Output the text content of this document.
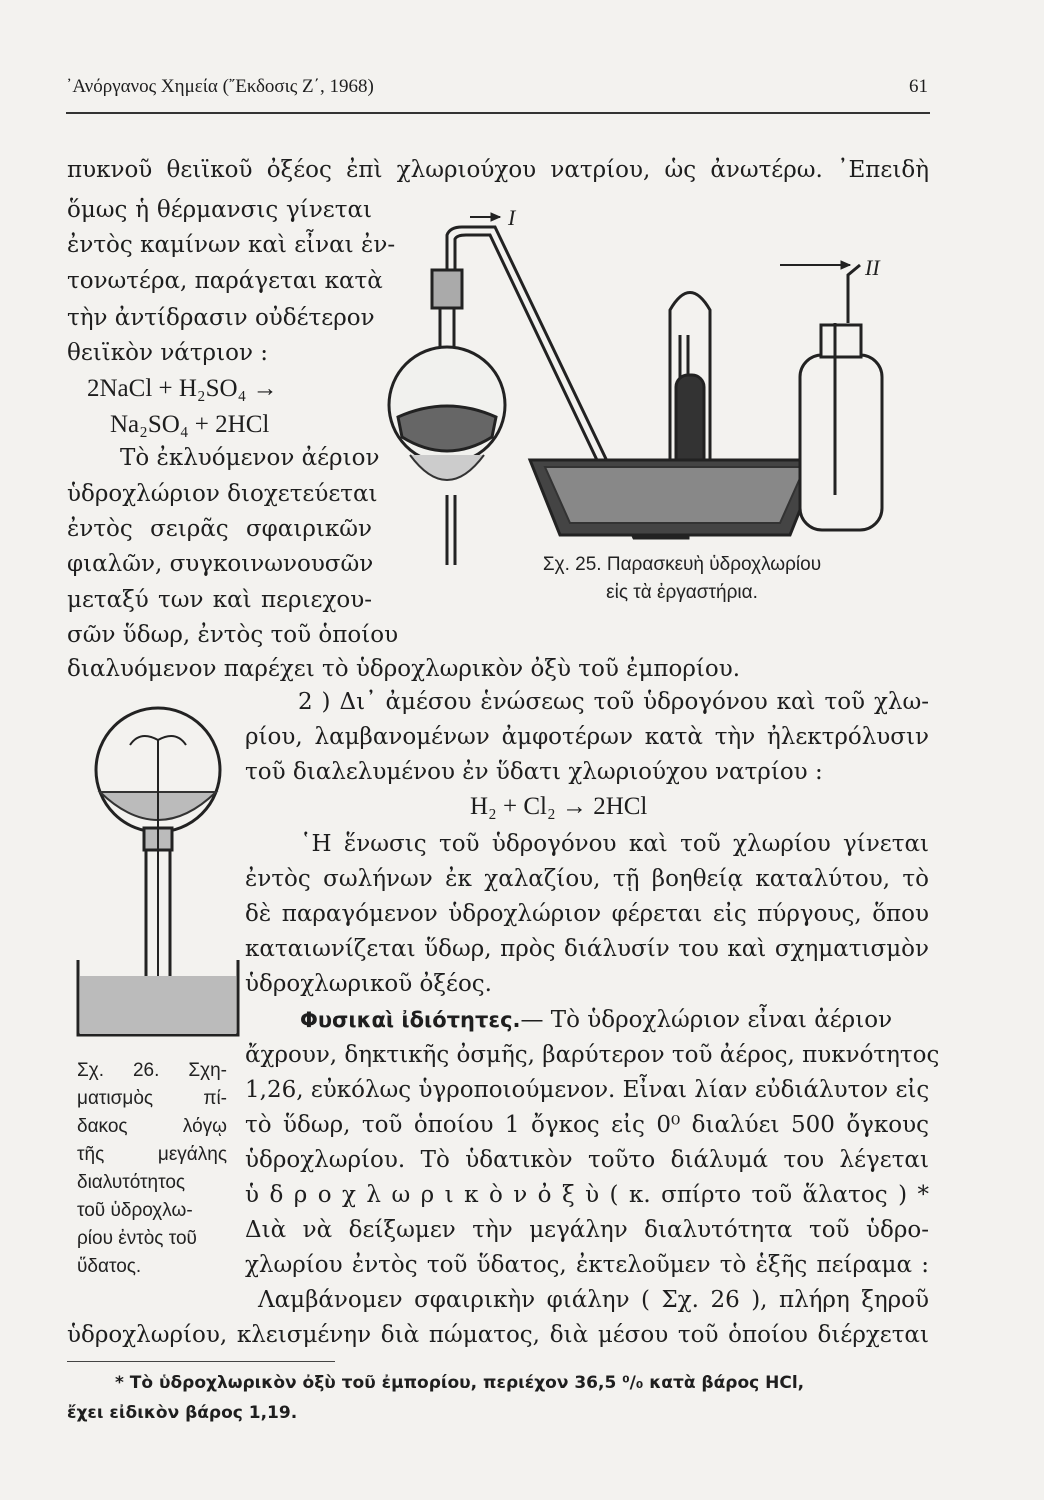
᾿Ανόργανος Χημεία (῎Εκδοσις Ζ΄, 1968)	61
πυκνοῦ θειϊκοῦ ὀξέος ἐπὶ χλωριούχου νατρίου, ὡς ἀνωτέρω. ᾿Επειδὴ
ὅμως ἡ θέρμανσις γίνεται
ἐντὸς καμίνων καὶ εἶναι ἐν-
τονωτέρα, παράγεται κατὰ
τὴν ἀντίδρασιν οὐδέτερον
θειϊκὸν νάτριον :
2NaCl + H₂SO₄ →
Na₂SO₄ + 2HCl
Τὸ ἐκλυόμενον ἀέριον
ὑδροχλώριον διοχετεύεται
ἐντὸς σειρᾶς σφαιρικῶν
φιαλῶν, συγκοινωνουσῶν
μεταξύ των καὶ περιεχου-
σῶν ὕδωρ, ἐντὸς τοῦ ὁποίου
διαλυόμενον παρέχει τὸ ὑδροχλωρικὸν ὀξὺ τοῦ ἐμπορίου.
2 ) Δι᾿ ἀμέσου ἑνώσεως τοῦ ὑδρογόνου καὶ τοῦ χλω-
ρίου, λαμβανομένων ἀμφοτέρων κατὰ τὴν ἠλεκτρόλυσιν
τοῦ διαλελυμένου ἐν ὕδατι χλωριούχου νατρίου :
H₂ + Cl₂ → 2HCl
῾Η ἕνωσις τοῦ ὑδρογόνου καὶ τοῦ χλωρίου γίνεται
ἐντὸς σωλήνων ἐκ χαλαζίου, τῇ βοηθείᾳ καταλύτου, τὸ
δὲ παραγόμενον ὑδροχλώριον φέρεται εἰς πύργους, ὅπου
καταιωνίζεται ὕδωρ, πρὸς διάλυσίν του καὶ σχηματισμὸν
ὑδροχλωρικοῦ ὀξέος.
Φυσικαὶ ἰδιότητες.— Τὸ ὑδροχλώριον εἶναι ἀέριον
ἄχρουν, δηκτικῆς ὀσμῆς, βαρύτερον τοῦ ἀέρος, πυκνότητος
1,26, εὐκόλως ὑγροποιούμενον. Εἶναι λίαν εὐδιάλυτον εἰς
τὸ ὕδωρ, τοῦ ὁποίου 1 ὄγκος εἰς 0⁰ διαλύει 500 ὄγκους
ὑδροχλωρίου. Τὸ ὑδατικὸν τοῦτο διάλυμά του λέγεται
ὑ δ ρ ο χ λ ω ρ ι κ ὸ ν ὀ ξ ὺ ( κ. σπίρτο τοῦ ἅλατος ) *
Διὰ νὰ δείξωμεν τὴν μεγάλην διαλυτότητα τοῦ ὑδρο-
χλωρίου ἐντὸς τοῦ ὕδατος, ἐκτελοῦμεν τὸ ἑξῆς πείραμα :
Λαμβάνομεν σφαιρικὴν φιάλην ( Σχ. 26 ), πλήρη ξηροῦ
ὑδροχλωρίου, κλεισμένην διὰ πώματος, διὰ μέσου τοῦ ὁποίου διέρχεται
I
II
Σχ. 25. Παρασκευὴ ὑδροχλωρίου
εἰς τὰ ἐργαστήρια.
Σχ. 26. Σχη-
ματισμὸς πί-
δακος λόγῳ
τῆς μεγάλης
διαλυτότητος
τοῦ ὑδροχλω-
ρίου ἐντὸς τοῦ
ὕδατος.
* Τὸ ὑδροχλωρικὸν ὀξὺ τοῦ ἐμπορίου, περιέχον 36,5 ⁰/₀ κατὰ βάρος HCl,
ἔχει εἰδικὸν βάρος 1,19.
